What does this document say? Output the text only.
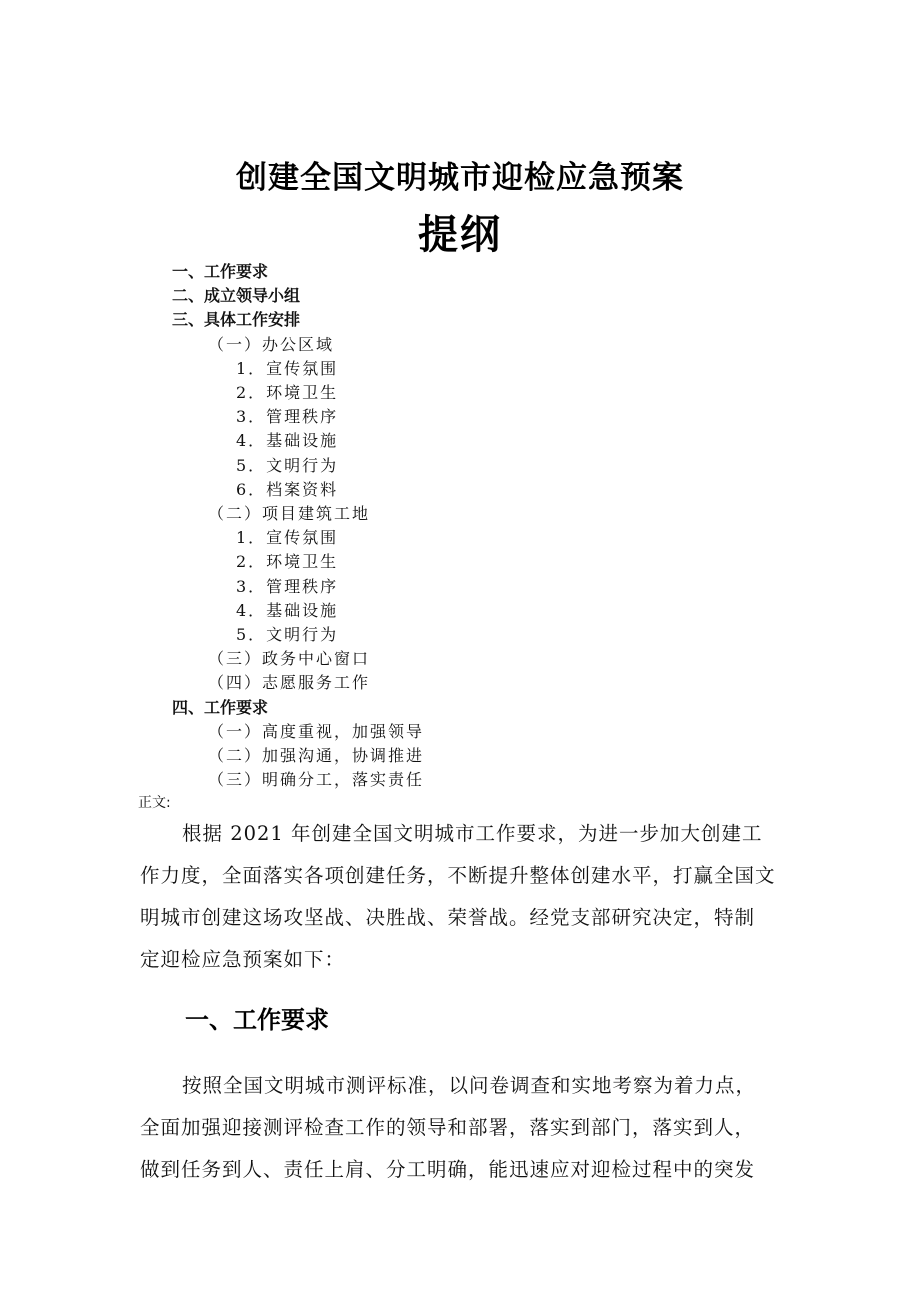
创建全国文明城市迎检应急预案
提纲
一、工作要求
二、成立领导小组
三、具体工作安排
（一）办公区域
1．宣传氛围
2．环境卫生
3．管理秩序
4．基础设施
5．文明行为
6．档案资料
（二）项目建筑工地
1．宣传氛围
2．环境卫生
3．管理秩序
4．基础设施
5．文明行为
（三）政务中心窗口
（四）志愿服务工作
四、工作要求
（一）高度重视，加强领导
（二）加强沟通，协调推进
（三）明确分工，落实责任
正文:
根据 2021 年创建全国文明城市工作要求，为进一步加大创建工
作力度，全面落实各项创建任务，不断提升整体创建水平，打赢全国文
明城市创建这场攻坚战、决胜战、荣誉战。经党支部研究决定，特制
定迎检应急预案如下：
一、工作要求
按照全国文明城市测评标准，以问卷调查和实地考察为着力点，
全面加强迎接测评检查工作的领导和部署，落实到部门，落实到人，
做到任务到人、责任上肩、分工明确，能迅速应对迎检过程中的突发
